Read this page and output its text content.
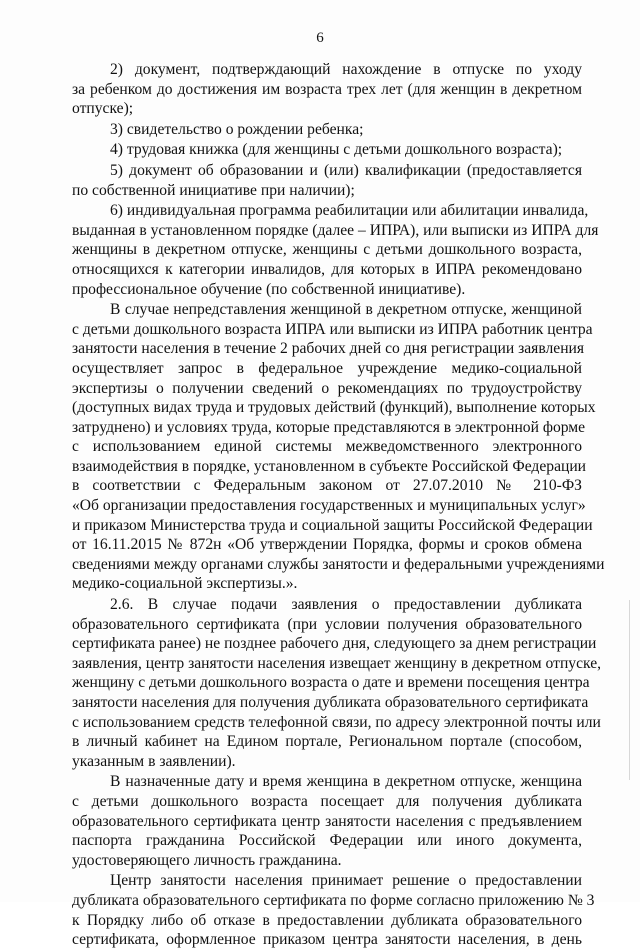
6
2) документ, подтверждающий нахождение в отпуске по уходу
за ребенком до достижения им возраста трех лет (для женщин в декретном
отпуске);
3) свидетельство о рождении ребенка;
4) трудовая книжка (для женщины с детьми дошкольного возраста);
5) документ об образовании и (или) квалификации (предоставляется
по собственной инициативе при наличии);
6) индивидуальная программа реабилитации или абилитации инвалида,
выданная в установленном порядке (далее – ИПРА), или выписки из ИПРА для
женщины в декретном отпуске, женщины с детьми дошкольного возраста,
относящихся к категории инвалидов, для которых в ИПРА рекомендовано
профессиональное обучение (по собственной инициативе).
В случае непредставления женщиной в декретном отпуске, женщиной
с детьми дошкольного возраста ИПРА или выписки из ИПРА работник центра
занятости населения в течение 2 рабочих дней со дня регистрации заявления
осуществляет запрос в федеральное учреждение медико-социальной
экспертизы о получении сведений о рекомендациях по трудоустройству
(доступных видах труда и трудовых действий (функций), выполнение которых
затруднено) и условиях труда, которые представляются в электронной форме
с использованием единой системы межведомственного электронного
взаимодействия в порядке, установленном в субъекте Российской Федерации
в соответствии с Федеральным законом от 27.07.2010 № 210-ФЗ
«Об организации предоставления государственных и муниципальных услуг»
и приказом Министерства труда и социальной защиты Российской Федерации
от 16.11.2015 № 872н «Об утверждении Порядка, формы и сроков обмена
сведениями между органами службы занятости и федеральными учреждениями
медико-социальной экспертизы.».
2.6. В случае подачи заявления о предоставлении дубликата
образовательного сертификата (при условии получения образовательного
сертификата ранее) не позднее рабочего дня, следующего за днем регистрации
заявления, центр занятости населения извещает женщину в декретном отпуске,
женщину с детьми дошкольного возраста о дате и времени посещения центра
занятости населения для получения дубликата образовательного сертификата
с использованием средств телефонной связи, по адресу электронной почты или
в личный кабинет на Едином портале, Региональном портале (способом,
указанным в заявлении).
В назначенные дату и время женщина в декретном отпуске, женщина
с детьми дошкольного возраста посещает для получения дубликата
образовательного сертификата центр занятости населения с предъявлением
паспорта гражданина Российской Федерации или иного документа,
удостоверяющего личность гражданина.
Центр занятости населения принимает решение о предоставлении
дубликата образовательного сертификата по форме согласно приложению № 3
к Порядку либо об отказе в предоставлении дубликата образовательного
сертификата, оформленное приказом центра занятости населения, в день
